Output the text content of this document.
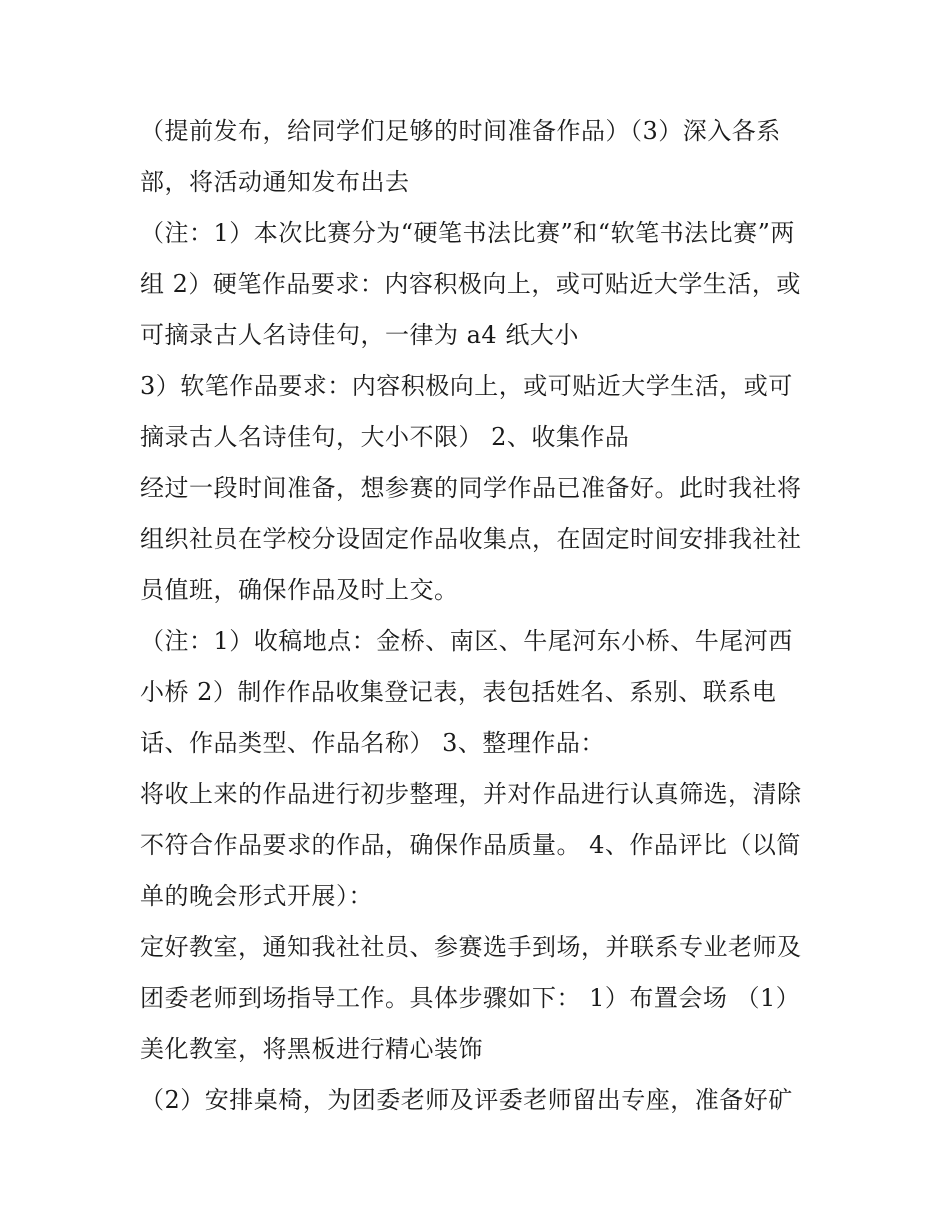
（提前发布，给同学们足够的时间准备作品）（3）深入各系
部，将活动通知发布出去
（注：1）本次比赛分为“硬笔书法比赛”和“软笔书法比赛”两
组 2）硬笔作品要求：内容积极向上，或可贴近大学生活，或
可摘录古人名诗佳句，一律为 a4 纸大小
3）软笔作品要求：内容积极向上，或可贴近大学生活，或可
摘录古人名诗佳句，大小不限） 2、收集作品
经过一段时间准备，想参赛的同学作品已准备好。此时我社将
组织社员在学校分设固定作品收集点，在固定时间安排我社社
员值班，确保作品及时上交。
（注：1）收稿地点：金桥、南区、牛尾河东小桥、牛尾河西
小桥 2）制作作品收集登记表，表包括姓名、系别、联系电
话、作品类型、作品名称） 3、整理作品：
将收上来的作品进行初步整理，并对作品进行认真筛选，清除
不符合作品要求的作品，确保作品质量。 4、作品评比（以简
单的晚会形式开展）：
定好教室，通知我社社员、参赛选手到场，并联系专业老师及
团委老师到场指导工作。具体步骤如下： 1）布置会场 （1）
美化教室，将黑板进行精心装饰
（2）安排桌椅，为团委老师及评委老师留出专座，准备好矿
